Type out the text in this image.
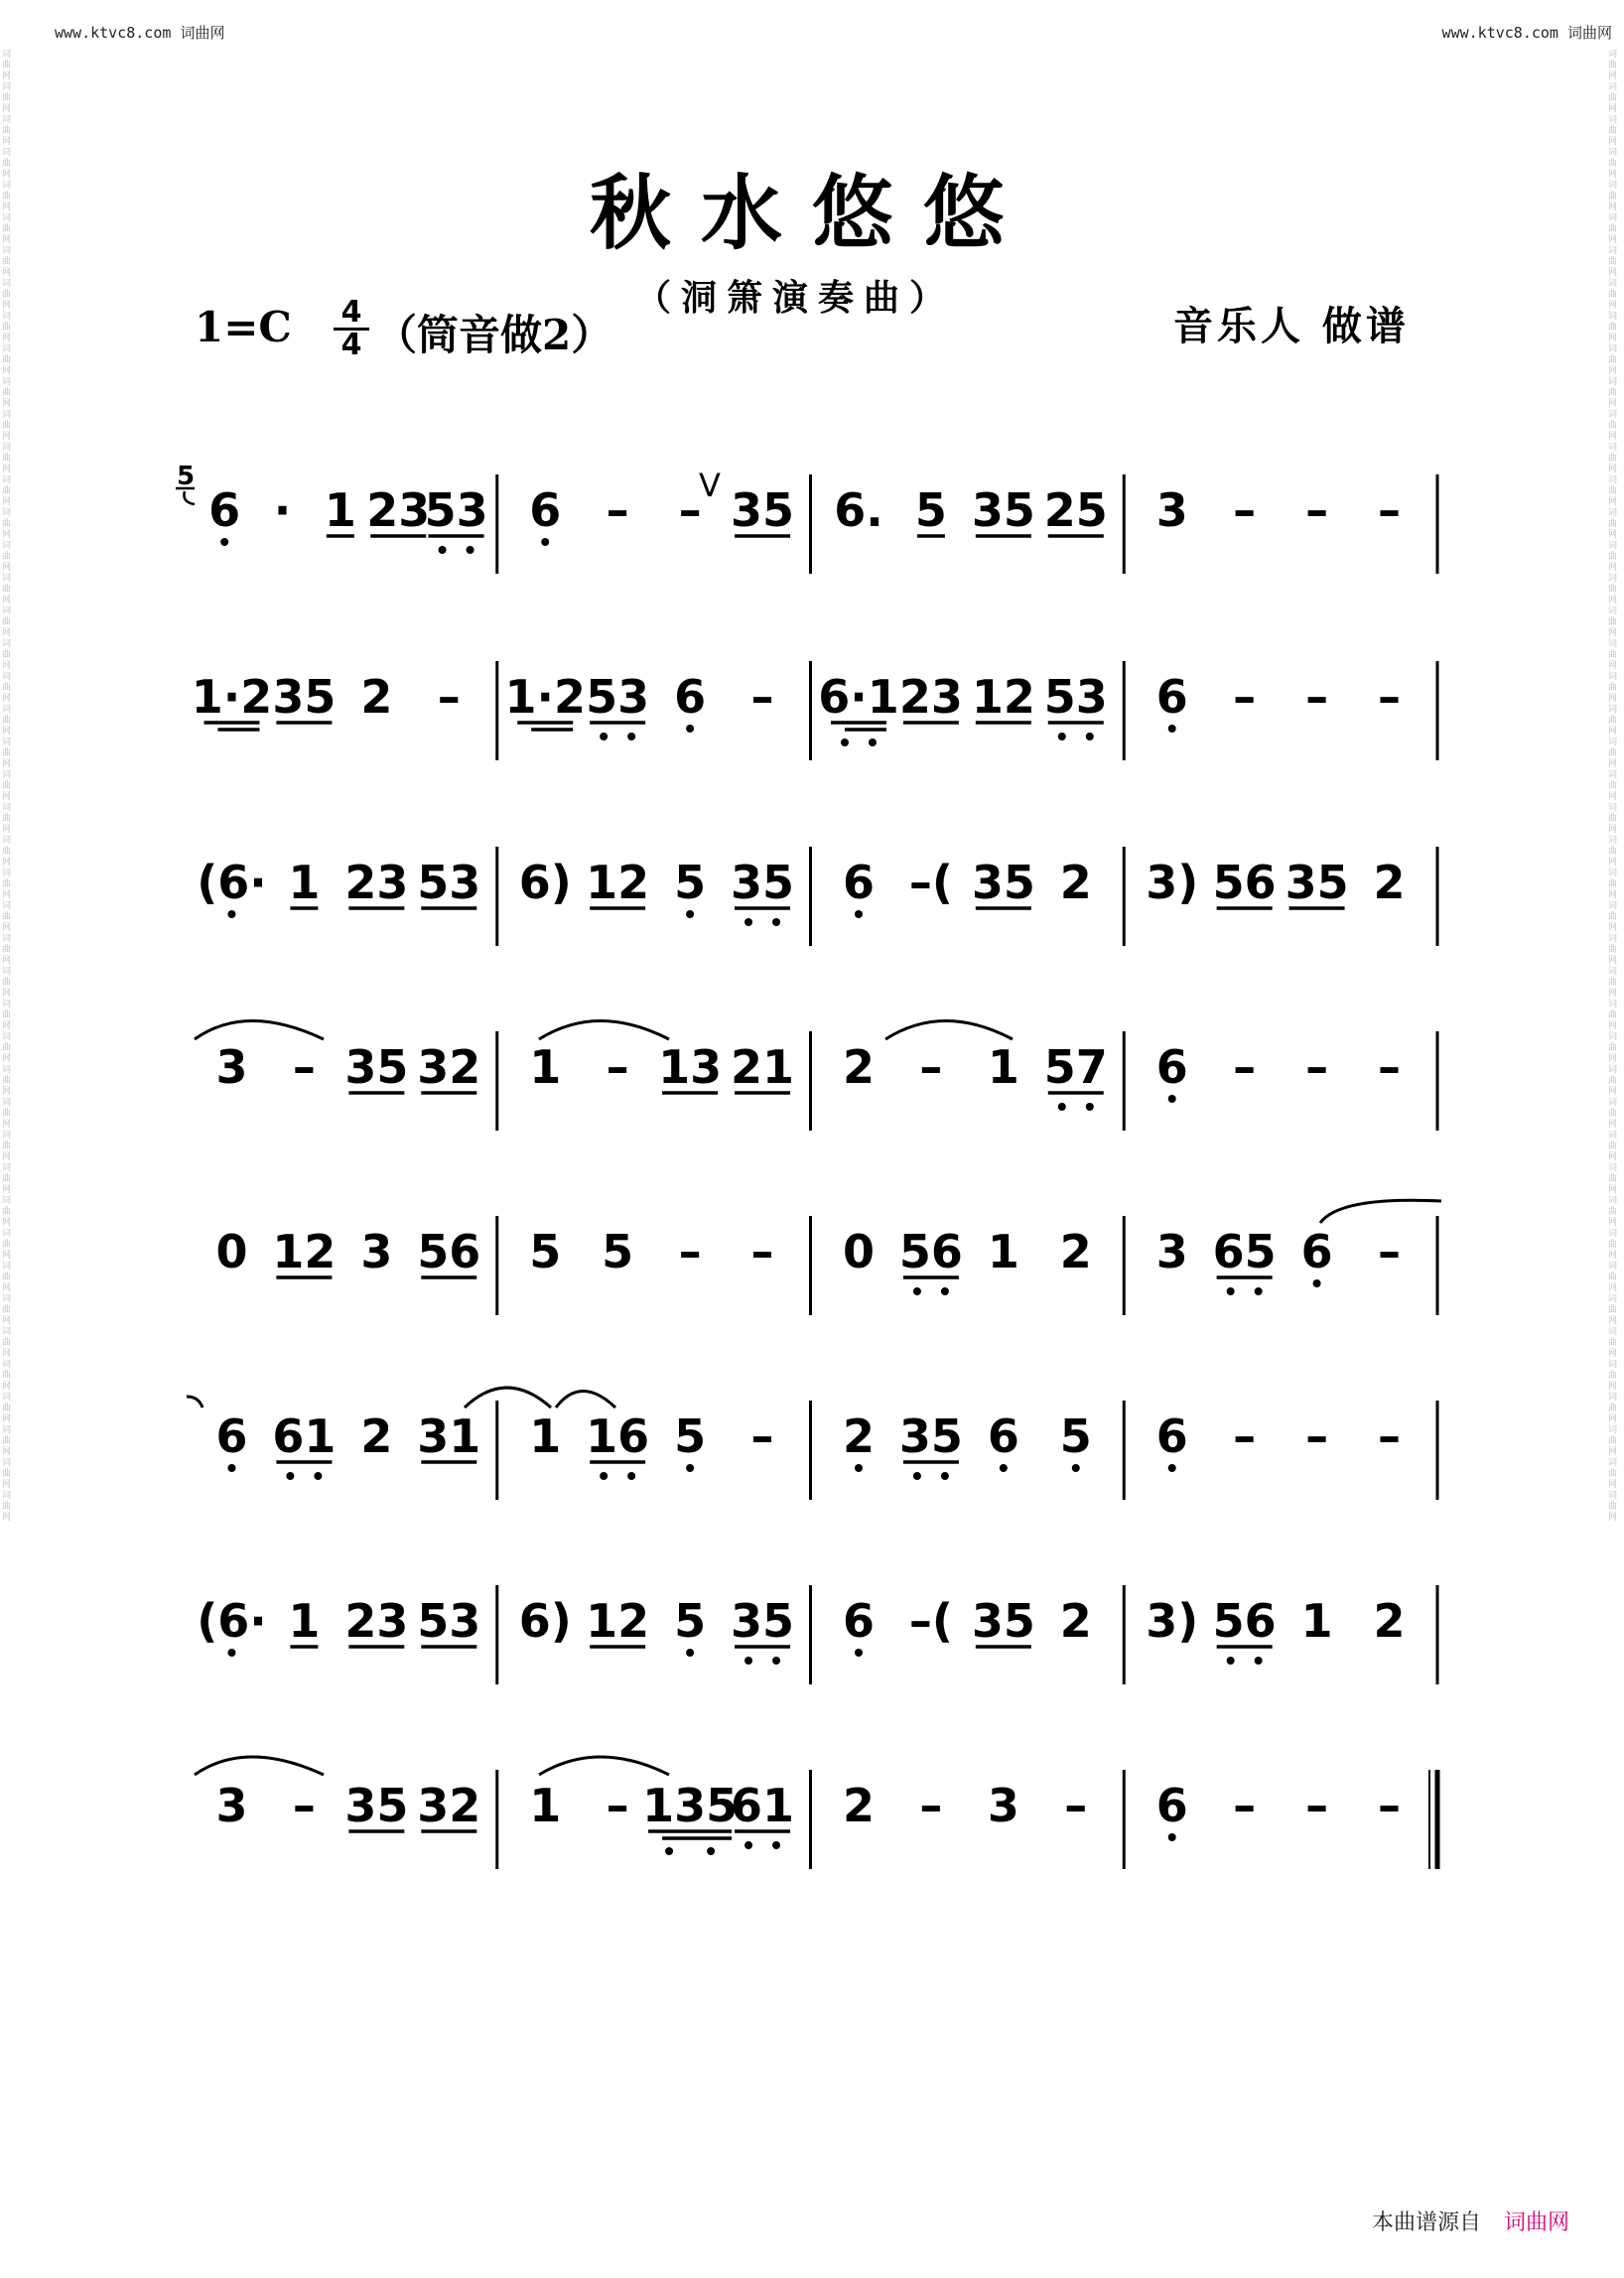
www.ktvc8.com 词曲网	www.ktvc8.com 词曲网
词曲网词曲网词曲网词曲网词曲网词曲网词曲网词曲网词曲网词曲网词曲网词曲网词曲网词曲网词曲网词曲网词曲网词曲网词曲网词曲网词曲网词曲网词曲网词曲网词曲网词曲网词曲网词曲网词曲网词曲网词曲网词曲网词曲网词曲网词曲网词曲网词曲网词曲网词曲网词曲网词曲网词曲网词曲网词曲网词曲网
词曲网词曲网词曲网词曲网词曲网词曲网词曲网词曲网词曲网词曲网词曲网词曲网词曲网词曲网词曲网词曲网词曲网词曲网词曲网词曲网词曲网词曲网词曲网词曲网词曲网词曲网词曲网词曲网词曲网词曲网词曲网词曲网词曲网词曲网词曲网词曲网词曲网词曲网词曲网词曲网词曲网词曲网词曲网词曲网词曲网
秋水悠悠
（洞箫演奏曲）
1=C 4
4 （筒音做2）	音乐人 做谱
6 · 1 23
53 6 – – 35 6. 5 35 25 3 – – –
1·2 35 2 – 1·2 53 6 – 6·1 23 12 53 6 – – –
(6· 1 23 53 6) 12 5 35 6 –( 35 2 3) 56 35 2
3 – 35 32 1 – 13 21 2 – 1 57 6 – – –
0 12 3 56 5 5 – – 0 56 1 2 3 65 6 –
6 61 2 31 1 16 5 – 2 35 6 5 6 – – –
(6· 1 23 53 6) 12 5 35 6 –( 35 2 3) 56 1 2
3 – 35 32 1 – 135
61 2 – 3 – 6 – – –
5	V
本曲谱源自 词曲网
